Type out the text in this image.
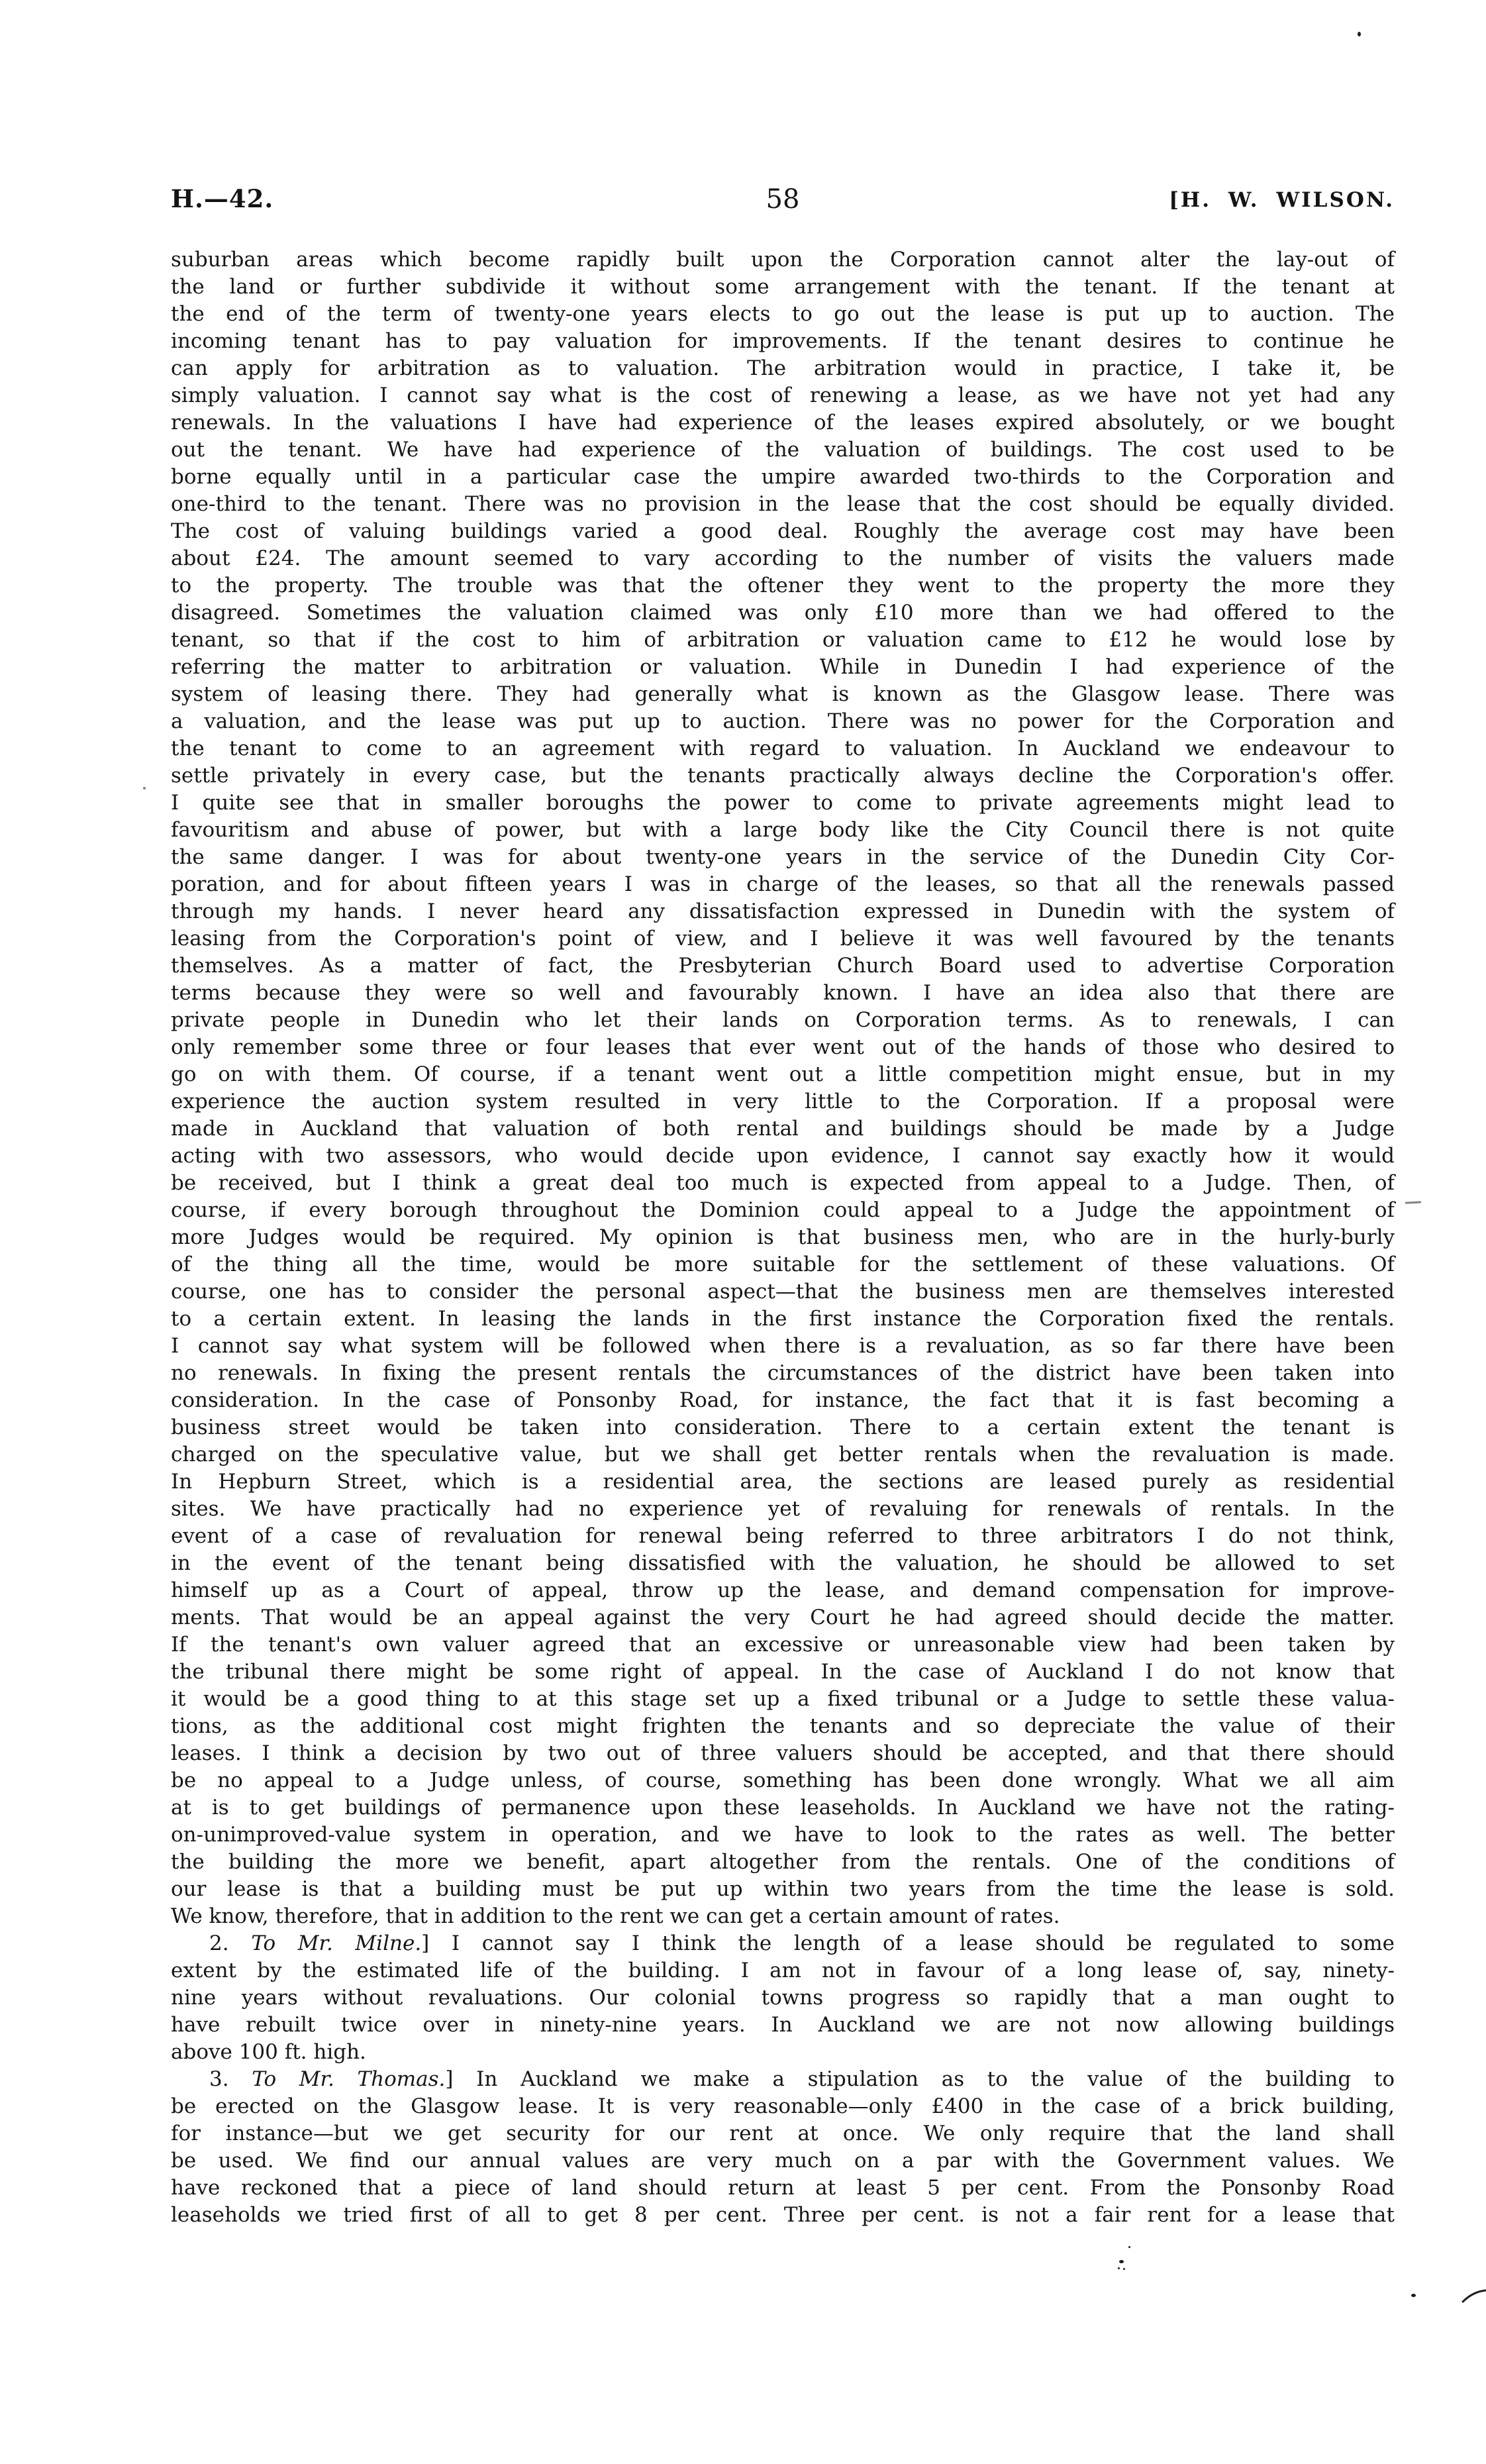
H.—42.	58	[H. W. WILSON.
suburban areas which become rapidly built upon the Corporation cannot alter the lay-out of
the land or further subdivide it without some arrangement with the tenant. If the tenant at
the end of the term of twenty-one years elects to go out the lease is put up to auction. The
incoming tenant has to pay valuation for improvements. If the tenant desires to continue he
can apply for arbitration as to valuation. The arbitration would in practice, I take it, be
simply valuation. I cannot say what is the cost of renewing a lease, as we have not yet had any
renewals. In the valuations I have had experience of the leases expired absolutely, or we bought
out the tenant. We have had experience of the valuation of buildings. The cost used to be
borne equally until in a particular case the umpire awarded two-thirds to the Corporation and
one-third to the tenant. There was no provision in the lease that the cost should be equally divided.
The cost of valuing buildings varied a good deal. Roughly the average cost may have been
about £24. The amount seemed to vary according to the number of visits the valuers made
to the property. The trouble was that the oftener they went to the property the more they
disagreed. Sometimes the valuation claimed was only £10 more than we had offered to the
tenant, so that if the cost to him of arbitration or valuation came to £12 he would lose by
referring the matter to arbitration or valuation. While in Dunedin I had experience of the
system of leasing there. They had generally what is known as the Glasgow lease. There was
a valuation, and the lease was put up to auction. There was no power for the Corporation and
the tenant to come to an agreement with regard to valuation. In Auckland we endeavour to
settle privately in every case, but the tenants practically always decline the Corporation's offer.
I quite see that in smaller boroughs the power to come to private agreements might lead to
favouritism and abuse of power, but with a large body like the City Council there is not quite
the same danger. I was for about twenty-one years in the service of the Dunedin City Cor-
poration, and for about fifteen years I was in charge of the leases, so that all the renewals passed
through my hands. I never heard any dissatisfaction expressed in Dunedin with the system of
leasing from the Corporation's point of view, and I believe it was well favoured by the tenants
themselves. As a matter of fact, the Presbyterian Church Board used to advertise Corporation
terms because they were so well and favourably known. I have an idea also that there are
private people in Dunedin who let their lands on Corporation terms. As to renewals, I can
only remember some three or four leases that ever went out of the hands of those who desired to
go on with them. Of course, if a tenant went out a little competition might ensue, but in my
experience the auction system resulted in very little to the Corporation. If a proposal were
made in Auckland that valuation of both rental and buildings should be made by a Judge
acting with two assessors, who would decide upon evidence, I cannot say exactly how it would
be received, but I think a great deal too much is expected from appeal to a Judge. Then, of
course, if every borough throughout the Dominion could appeal to a Judge the appointment of
more Judges would be required. My opinion is that business men, who are in the hurly-burly
of the thing all the time, would be more suitable for the settlement of these valuations. Of
course, one has to consider the personal aspect—that the business men are themselves interested
to a certain extent. In leasing the lands in the first instance the Corporation fixed the rentals.
I cannot say what system will be followed when there is a revaluation, as so far there have been
no renewals. In fixing the present rentals the circumstances of the district have been taken into
consideration. In the case of Ponsonby Road, for instance, the fact that it is fast becoming a
business street would be taken into consideration. There to a certain extent the tenant is
charged on the speculative value, but we shall get better rentals when the revaluation is made.
In Hepburn Street, which is a residential area, the sections are leased purely as residential
sites. We have practically had no experience yet of revaluing for renewals of rentals. In the
event of a case of revaluation for renewal being referred to three arbitrators I do not think,
in the event of the tenant being dissatisfied with the valuation, he should be allowed to set
himself up as a Court of appeal, throw up the lease, and demand compensation for improve-
ments. That would be an appeal against the very Court he had agreed should decide the matter.
If the tenant's own valuer agreed that an excessive or unreasonable view had been taken by
the tribunal there might be some right of appeal. In the case of Auckland I do not know that
it would be a good thing to at this stage set up a fixed tribunal or a Judge to settle these valua-
tions, as the additional cost might frighten the tenants and so depreciate the value of their
leases. I think a decision by two out of three valuers should be accepted, and that there should
be no appeal to a Judge unless, of course, something has been done wrongly. What we all aim
at is to get buildings of permanence upon these leaseholds. In Auckland we have not the rating-
on-unimproved-value system in operation, and we have to look to the rates as well. The better
the building the more we benefit, apart altogether from the rentals. One of the conditions of
our lease is that a building must be put up within two years from the time the lease is sold.
We know, therefore, that in addition to the rent we can get a certain amount of rates.
2. To Mr. Milne.] I cannot say I think the length of a lease should be regulated to some
extent by the estimated life of the building. I am not in favour of a long lease of, say, ninety-
nine years without revaluations. Our colonial towns progress so rapidly that a man ought to
have rebuilt twice over in ninety-nine years. In Auckland we are not now allowing buildings
above 100 ft. high.
3. To Mr. Thomas.] In Auckland we make a stipulation as to the value of the building to
be erected on the Glasgow lease. It is very reasonable—only £400 in the case of a brick building,
for instance—but we get security for our rent at once. We only require that the land shall
be used. We find our annual values are very much on a par with the Government values. We
have reckoned that a piece of land should return at least 5 per cent. From the Ponsonby Road
leaseholds we tried first of all to get 8 per cent. Three per cent. is not a fair rent for a lease that
